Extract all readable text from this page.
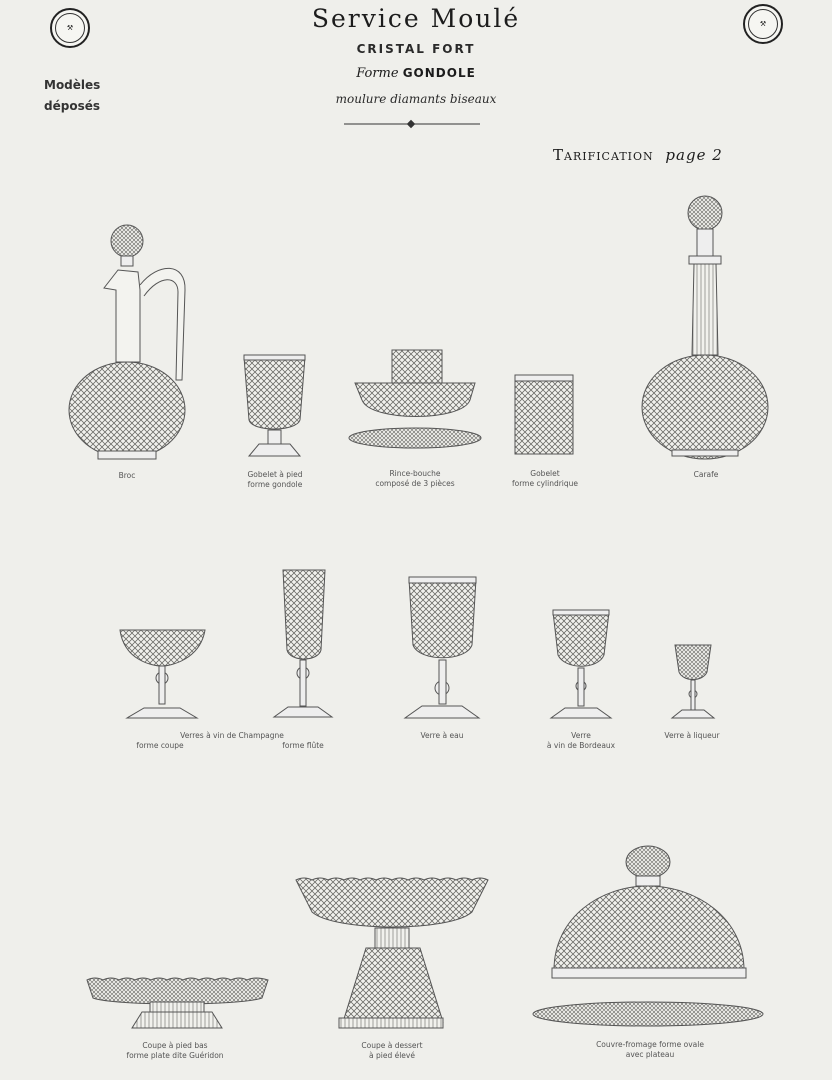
⚒	⚒
Service Moulé
CRISTAL FORT
Forme GONDOLE
moulure diamants biseaux
Modèles
déposés
Tarification page 2
Broc	Gobelet à pied
forme gondole
Rince-bouche
composé de 3 pièces
Gobelet
forme cylindrique
Carafe
Verres à vin de Champagne
forme coupe	forme flûte
Verre à eau	Verre
à vin de Bordeaux
Verre à liqueur
Coupe à pied bas
forme plate dite Guéridon
Coupe à dessert
à pied élevé
Couvre-fromage forme ovale
avec plateau
